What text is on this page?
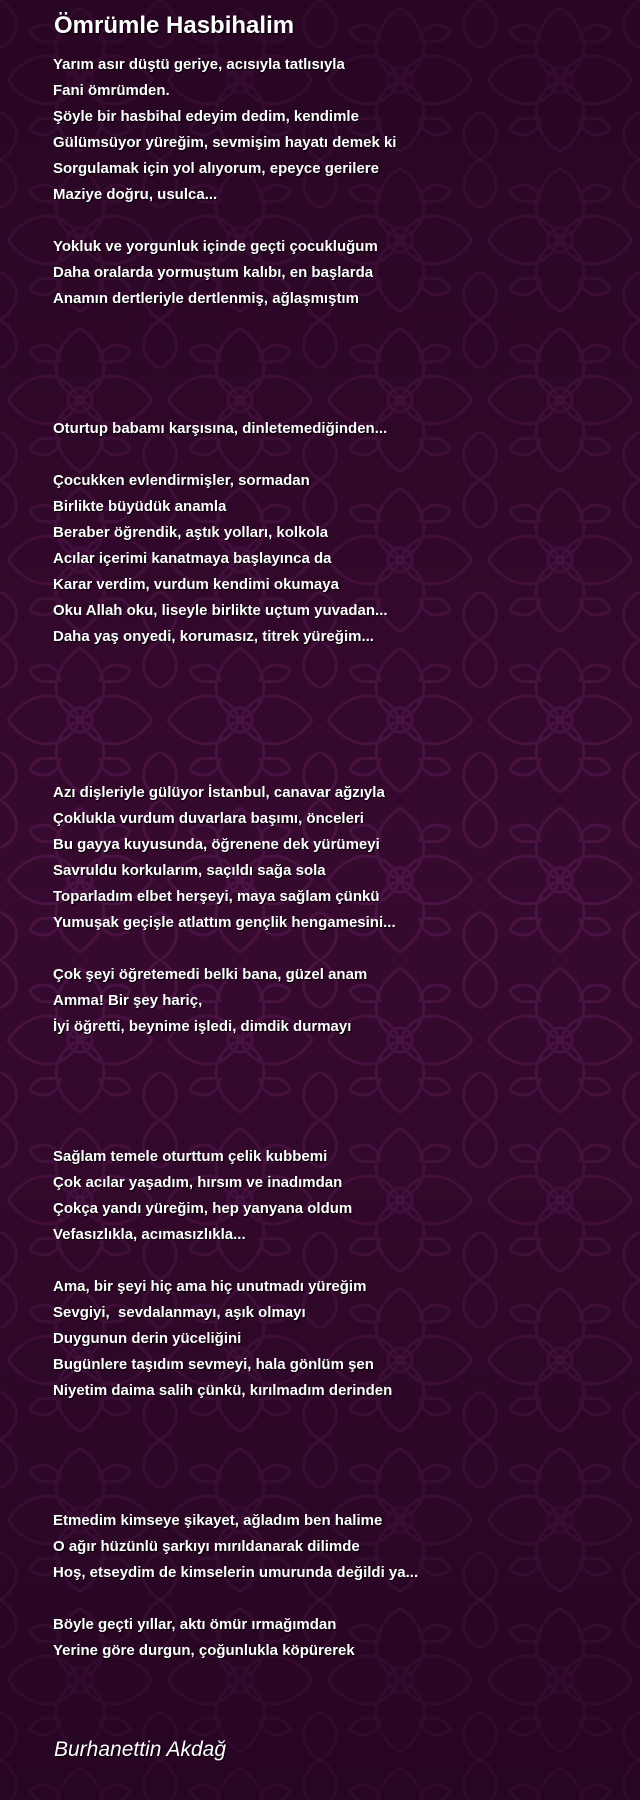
Ömrümle Hasbihalim
Yarım asır düştü geriye, acısıyla tatlısıyla
Fani ömrümden.
Şöyle bir hasbihal edeyim dedim, kendimle
Gülümsüyor yüreğim, sevmişim hayatı demek ki
Sorgulamak için yol alıyorum, epeyce gerilere
Maziye doğru, usulca...
Yokluk ve yorgunluk içinde geçti çocukluğum
Daha oralarda yormuştum kalıbı, en başlarda
Anamın dertleriyle dertlenmiş, ağlaşmıştım
Oturtup babamı karşısına, dinletemediğinden...
Çocukken evlendirmişler, sormadan
Birlikte büyüdük anamla
Beraber öğrendik, aştık yolları, kolkola
Acılar içerimi kanatmaya başlayınca da
Karar verdim, vurdum kendimi okumaya
Oku Allah oku, liseyle birlikte uçtum yuvadan...
Daha yaş onyedi, korumasız, titrek yüreğim...
Azı dişleriyle gülüyor İstanbul, canavar ağzıyla
Çoklukla vurdum duvarlara başımı, önceleri
Bu gayya kuyusunda, öğrenene dek yürümeyi
Savruldu korkularım, saçıldı sağa sola
Toparladım elbet herşeyi, maya sağlam çünkü
Yumuşak geçişle atlattım gençlik hengamesini...
Çok şeyi öğretemedi belki bana, güzel anam
Amma! Bir şey hariç,
İyi öğretti, beynime işledi, dimdik durmayı
Sağlam temele oturttum çelik kubbemi
Çok acılar yaşadım, hırsım ve inadımdan
Çokça yandı yüreğim, hep yanyana oldum
Vefasızlıkla, acımasızlıkla...
Ama, bir şeyi hiç ama hiç unutmadı yüreğim
Sevgiyi,  sevdalanmayı, aşık olmayı
Duygunun derin yüceliğini
Bugünlere taşıdım sevmeyi, hala gönlüm şen
Niyetim daima salih çünkü, kırılmadım derinden
Etmedim kimseye şikayet, ağladım ben halime
O ağır hüzünlü şarkıyı mırıldanarak dilimde
Hoş, etseydim de kimselerin umurunda değildi ya...
Böyle geçti yıllar, aktı ömür ırmağımdan
Yerine göre durgun, çoğunlukla köpürerek
Burhanettin Akdağ
